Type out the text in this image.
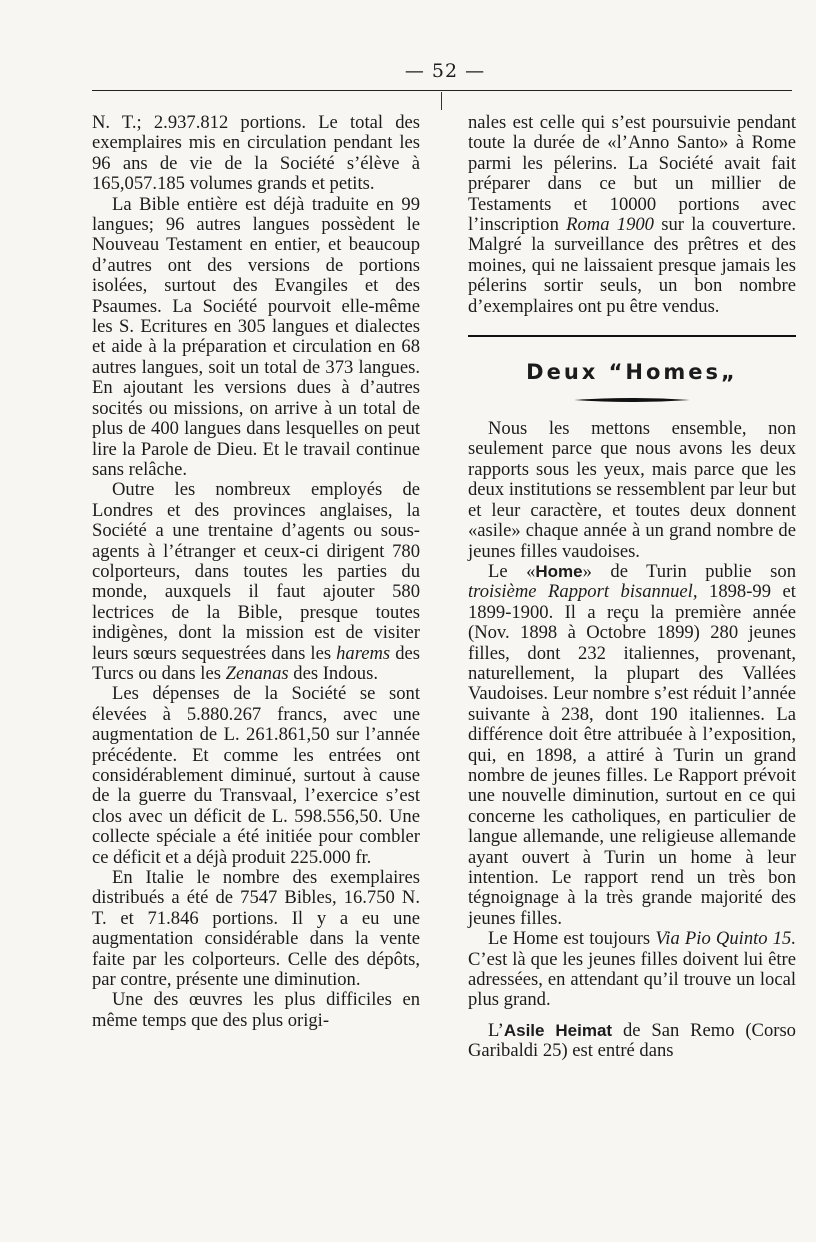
— 52 —

N. T.; 2.937.812 portions. Le total des exemplaires mis en circulation pendant les 96 ans de vie de la Société s’élève à 165,057.185 volumes grands et petits.

La Bible entière est déjà traduite en 99 langues; 96 autres langues possèdent le Nouveau Testament en entier, et beaucoup d’autres ont des versions de portions isolées, surtout des Evangiles et des Psaumes. La Société pourvoit elle-même les S. Ecritures en 305 langues et dialectes et aide à la préparation et circulation en 68 autres langues, soit un total de 373 langues. En ajoutant les versions dues à d’autres socités ou missions, on arrive à un total de plus de 400 langues dans lesquelles on peut lire la Parole de Dieu. Et le travail continue sans relâche.

Outre les nombreux employés de Londres et des provinces anglaises, la Société a une trentaine d’agents ou sous-agents à l’étranger et ceux-ci dirigent 780 colporteurs, dans toutes les parties du monde, auxquels il faut ajouter 580 lectrices de la Bible, presque toutes indigènes, dont la mission est de visiter leurs sœurs sequestrées dans les harems des Turcs ou dans les Zenanas des Indous.

Les dépenses de la Société se sont élevées à 5.880.267 francs, avec une augmentation de L. 261.861,50 sur l’année précédente. Et comme les entrées ont considérablement diminué, surtout à cause de la guerre du Transvaal, l’exercice s’est clos avec un déficit de L. 598.556,50. Une collecte spéciale a été initiée pour combler ce déficit et a déjà produit 225.000 fr.

En Italie le nombre des exemplaires distribués a été de 7547 Bibles, 16.750 N. T. et 71.846 portions. Il y a eu une augmentation considérable dans la vente faite par les colporteurs. Celle des dépôts, par contre, présente une diminution.

Une des œuvres les plus difficiles en même temps que des plus origi-

nales est celle qui s’est poursuivie pendant toute la durée de «l’Anno Santo» à Rome parmi les pélerins. La Société avait fait préparer dans ce but un millier de Testaments et 10000 portions avec l’inscription Roma 1900 sur la couverture. Malgré la surveillance des prêtres et des moines, qui ne laissaient presque jamais les pélerins sortir seuls, un bon nombre d’exemplaires ont pu être vendus.

Deux “Homes„

Nous les mettons ensemble, non seulement parce que nous avons les deux rapports sous les yeux, mais parce que les deux institutions se ressemblent par leur but et leur caractère, et toutes deux donnent «asile» chaque année à un grand nombre de jeunes filles vaudoises.

Le «Home» de Turin publie son troisième Rapport bisannuel, 1898-99 et 1899-1900. Il a reçu la première année (Nov. 1898 à Octobre 1899) 280 jeunes filles, dont 232 italiennes, provenant, naturellement, la plupart des Vallées Vaudoises. Leur nombre s’est réduit l’année suivante à 238, dont 190 italiennes. La différence doit être attribuée à l’exposition, qui, en 1898, a attiré à Turin un grand nombre de jeunes filles. Le Rapport prévoit une nouvelle diminution, surtout en ce qui concerne les catholiques, en particulier de langue allemande, une religieuse allemande ayant ouvert à Turin un home à leur intention. Le rapport rend un très bon tégnoignage à la très grande majorité des jeunes filles.

Le Home est toujours Via Pio Quinto 15. C’est là que les jeunes filles doivent lui être adressées, en attendant qu’il trouve un local plus grand.

L’Asile Heimat de San Remo (Corso Garibaldi 25) est entré dans
